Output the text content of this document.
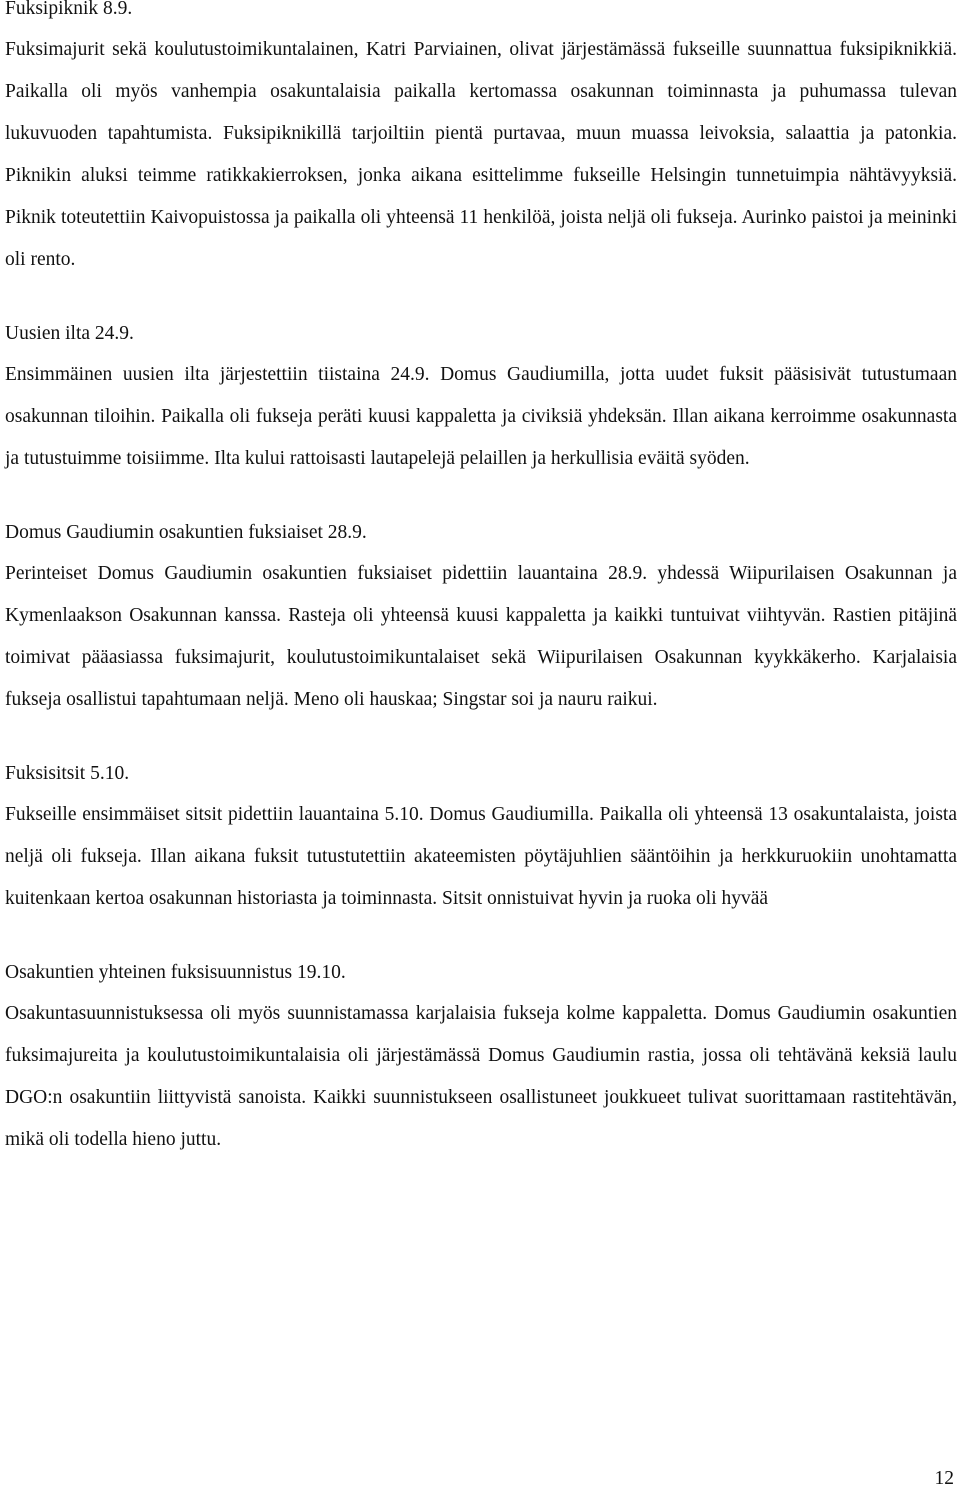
Fuksipiknik 8.9.

Fuksimajurit sekä koulutustoimikuntalainen, Katri Parviainen, olivat järjestämässä fukseille suunnattua fuksipiknikkiä. Paikalla oli myös vanhempia osakuntalaisia paikalla kertomassa osakunnan toiminnasta ja puhumassa tulevan lukuvuoden tapahtumista. Fuksipiknikillä tarjoiltiin pientä purtavaa, muun muassa leivoksia, salaattia ja patonkia. Piknikin aluksi teimme ratikkakierroksen, jonka aikana esittelimme fukseille Helsingin tunnetuimpia nähtävyyksiä. Piknik toteutettiin Kaivopuistossa ja paikalla oli yhteensä 11 henkilöä, joista neljä oli fukseja. Aurinko paistoi ja meininki oli rento.

Uusien ilta 24.9.

Ensimmäinen uusien ilta järjestettiin tiistaina 24.9. Domus Gaudiumilla, jotta uudet fuksit pääsisivät tutustumaan osakunnan tiloihin. Paikalla oli fukseja peräti kuusi kappaletta ja civiksiä yhdeksän. Illan aikana kerroimme osakunnasta ja tutustuimme toisiimme. Ilta kului rattoisasti lautapelejä pelaillen ja herkullisia eväitä syöden.

Domus Gaudiumin osakuntien fuksiaiset 28.9.

Perinteiset Domus Gaudiumin osakuntien fuksiaiset pidettiin lauantaina 28.9. yhdessä Wiipurilaisen Osakunnan ja Kymenlaakson Osakunnan kanssa. Rasteja oli yhteensä kuusi kappaletta ja kaikki tuntuivat viihtyvän. Rastien pitäjinä toimivat pääasiassa fuksimajurit, koulutustoimikuntalaiset sekä Wiipurilaisen Osakunnan kyykkäkerho. Karjalaisia fukseja osallistui tapahtumaan neljä. Meno oli hauskaa; Singstar soi ja nauru raikui.

Fuksisitsit 5.10.

Fukseille ensimmäiset sitsit pidettiin lauantaina 5.10. Domus Gaudiumilla. Paikalla oli yhteensä 13 osakuntalaista, joista neljä oli fukseja. Illan aikana fuksit tutustutettiin akateemisten pöytäjuhlien sääntöihin ja herkkuruokiin unohtamatta kuitenkaan kertoa osakunnan historiasta ja toiminnasta. Sitsit onnistuivat hyvin ja ruoka oli hyvää

Osakuntien yhteinen fuksisuunnistus 19.10.

Osakuntasuunnistuksessa oli myös suunnistamassa karjalaisia fukseja kolme kappaletta. Domus Gaudiumin osakuntien fuksimajureita ja koulutustoimikuntalaisia oli järjestämässä Domus Gaudiumin rastia, jossa oli tehtävänä keksiä laulu DGO:n osakuntiin liittyvistä sanoista. Kaikki suunnistukseen osallistuneet joukkueet tulivat suorittamaan rastitehtävän, mikä oli todella hieno juttu.

12
